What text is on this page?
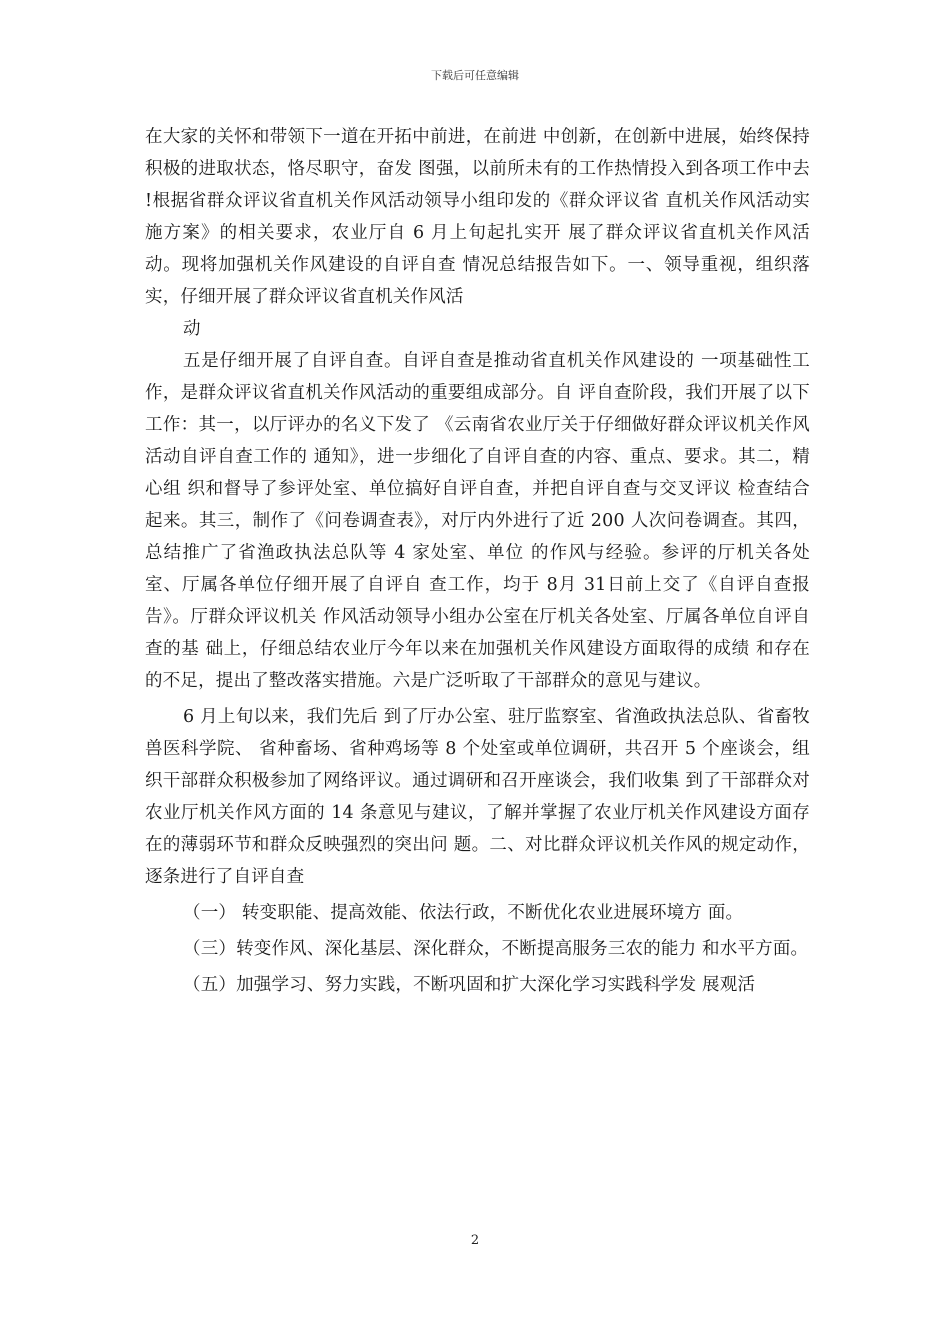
下载后可任意编辑

在大家的关怀和带领下一道在开拓中前进，在前进 中创新，在创新中进展，始终保持积极的进取状态，恪尽职守，奋发 图强，以前所未有的工作热情投入到各项工作中去 !根据省群众评议省直机关作风活动领导小组印发的《群众评议省 直机关作风活动实施方案》的相关要求，农业厅自 6 月上旬起扎实开 展了群众评议省直机关作风活动。现将加强机关作风建设的自评自查 情况总结报告如下。一、领导重视，组织落实，仔细开展了群众评议省直机关作风活

动

五是仔细开展了自评自查。自评自查是推动省直机关作风建设的 一项基础性工作，是群众评议省直机关作风活动的重要组成部分。自 评自查阶段，我们开展了以下工作：其一，以厅评办的名义下发了 《云南省农业厅关于仔细做好群众评议机关作风活动自评自查工作的 通知》，进一步细化了自评自查的内容、重点、要求。其二，精心组 织和督导了参评处室、单位搞好自评自查，并把自评自查与交叉评议 检查结合起来。其三，制作了《问卷调查表》，对厅内外进行了近 200 人次问卷调查。其四，总结推广了省渔政执法总队等 4 家处室、单位 的作风与经验。参评的厅机关各处室、厅属各单位仔细开展了自评自 查工作，均于 8月 31日前上交了《自评自查报告》。厅群众评议机关 作风活动领导小组办公室在厅机关各处室、厅属各单位自评自查的基 础上，仔细总结农业厅今年以来在加强机关作风建设方面取得的成绩 和存在的不足，提出了整改落实措施。六是广泛听取了干部群众的意见与建议。

6 月上旬以来，我们先后 到了厅办公室、驻厅监察室、省渔政执法总队、省畜牧兽医科学院、 省种畜场、省种鸡场等 8 个处室或单位调研，共召开 5 个座谈会，组 织干部群众积极参加了网络评议。通过调研和召开座谈会，我们收集 到了干部群众对农业厅机关作风方面的 14 条意见与建议，了解并掌握了农业厅机关作风建设方面存在的薄弱环节和群众反映强烈的突出问 题。二、对比群众评议机关作风的规定动作，逐条进行了自评自查

（一） 转变职能、提高效能、依法行政，不断优化农业进展环境方 面。

（三）转变作风、深化基层、深化群众，不断提高服务三农的能力 和水平方面。

（五）加强学习、努力实践，不断巩固和扩大深化学习实践科学发 展观活

2
